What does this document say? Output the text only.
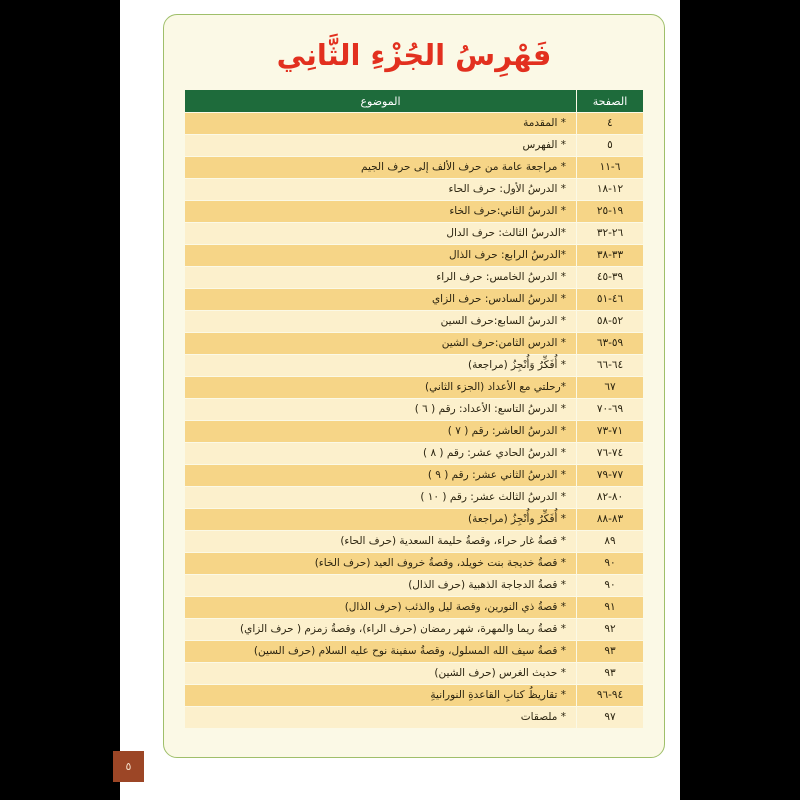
فَهْرِسُ الجُزْءِ الثَّانِي
الصفحة	الموضوع
٤	* المقدمة
٥	* الفهرس
٦-١١	* مراجعة عامة من حرف الألف إلى حرف الجيم
١٢-١٨	* الدرسُ الأول: حرف الحاء
١٩-٢٥	* الدرسُ الثاني:حرف الخاء
٢٦-٣٢	*الدرسُ الثالث: حرف الدال
٣٣-٣٨	*الدرسُ الرابع: حرف الذال
٣٩-٤٥	* الدرسُ الخامس: حرف الراء
٤٦-٥١	* الدرسُ السادس: حرف الزاي
٥٢-٥٨	* الدرسُ السابع:حرف السين
٥٩-٦٣	* الدرس الثامن:حرف الشين
٦٤-٦٦	* أُفَكِّرُ وَأُنْجِزُ (مراجعة)
٦٧	*رحلتي مع الأعداد (الجزء الثاني)
٦٩-٧٠	* الدرسُ التاسع: الأعداد: رقم ( ٦ )
٧١-٧٣	* الدرسُ العاشر: رقم ( ٧ )
٧٤-٧٦	* الدرسُ الحادي عشر: رقم ( ٨ )
٧٧-٧٩	* الدرسُ الثاني عشر: رقم ( ٩ )
٨٠-٨٢	* الدرسُ الثالث عشر: رقم ( ١٠ )
٨٣-٨٨	* أُفَكِّرُ وأُنْجِزُ (مراجعة)
٨٩	* قصةُ غار حراء، وقصةُ حليمة السعدية (حرف الحاء)
٩٠	* قصةُ خديجة بنت خويلد، وقصةُ خروف العيد (حرف الخاء)
٩٠	* قصةُ الدجاجة الذهبية (حرف الذال)
٩١	* قصةُ ذي النورين، وقصة ليل والذئب (حرف الذال)
٩٢	* قصةُ ريما والمهرة، شهر رمضان (حرف الراء)، وقصةُ زمزم ( حرف الزاي)
٩٣	* قصةُ سيف الله المسلول، وقصةُ سفينة نوح عليه السلام (حرف السين)
٩٣	* حديث الغرس (حرف الشين)
٩٤-٩٦	* تقاريظُ كتابِ القاعدةِ النورانيةِ
٩٧	* ملصقات
٥
